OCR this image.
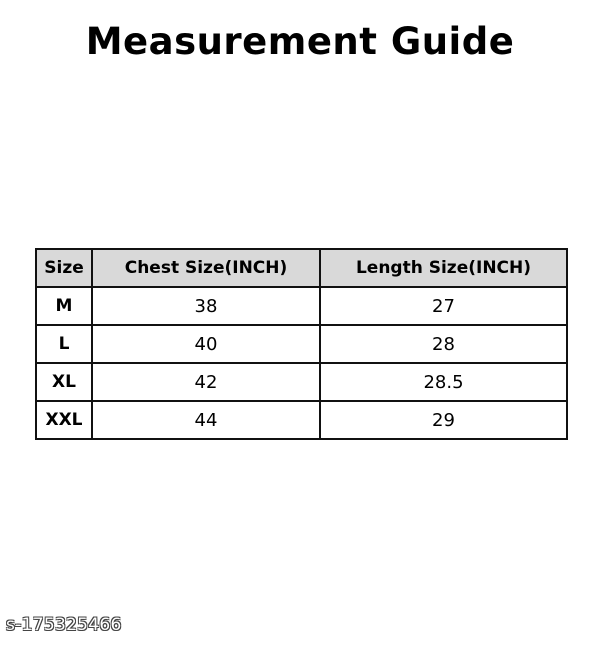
Measurement Guide
Size	Chest Size(INCH)	Length Size(INCH)
M	38	27
L	40	28
XL	42	28.5
XXL	44	29
s-175325466
